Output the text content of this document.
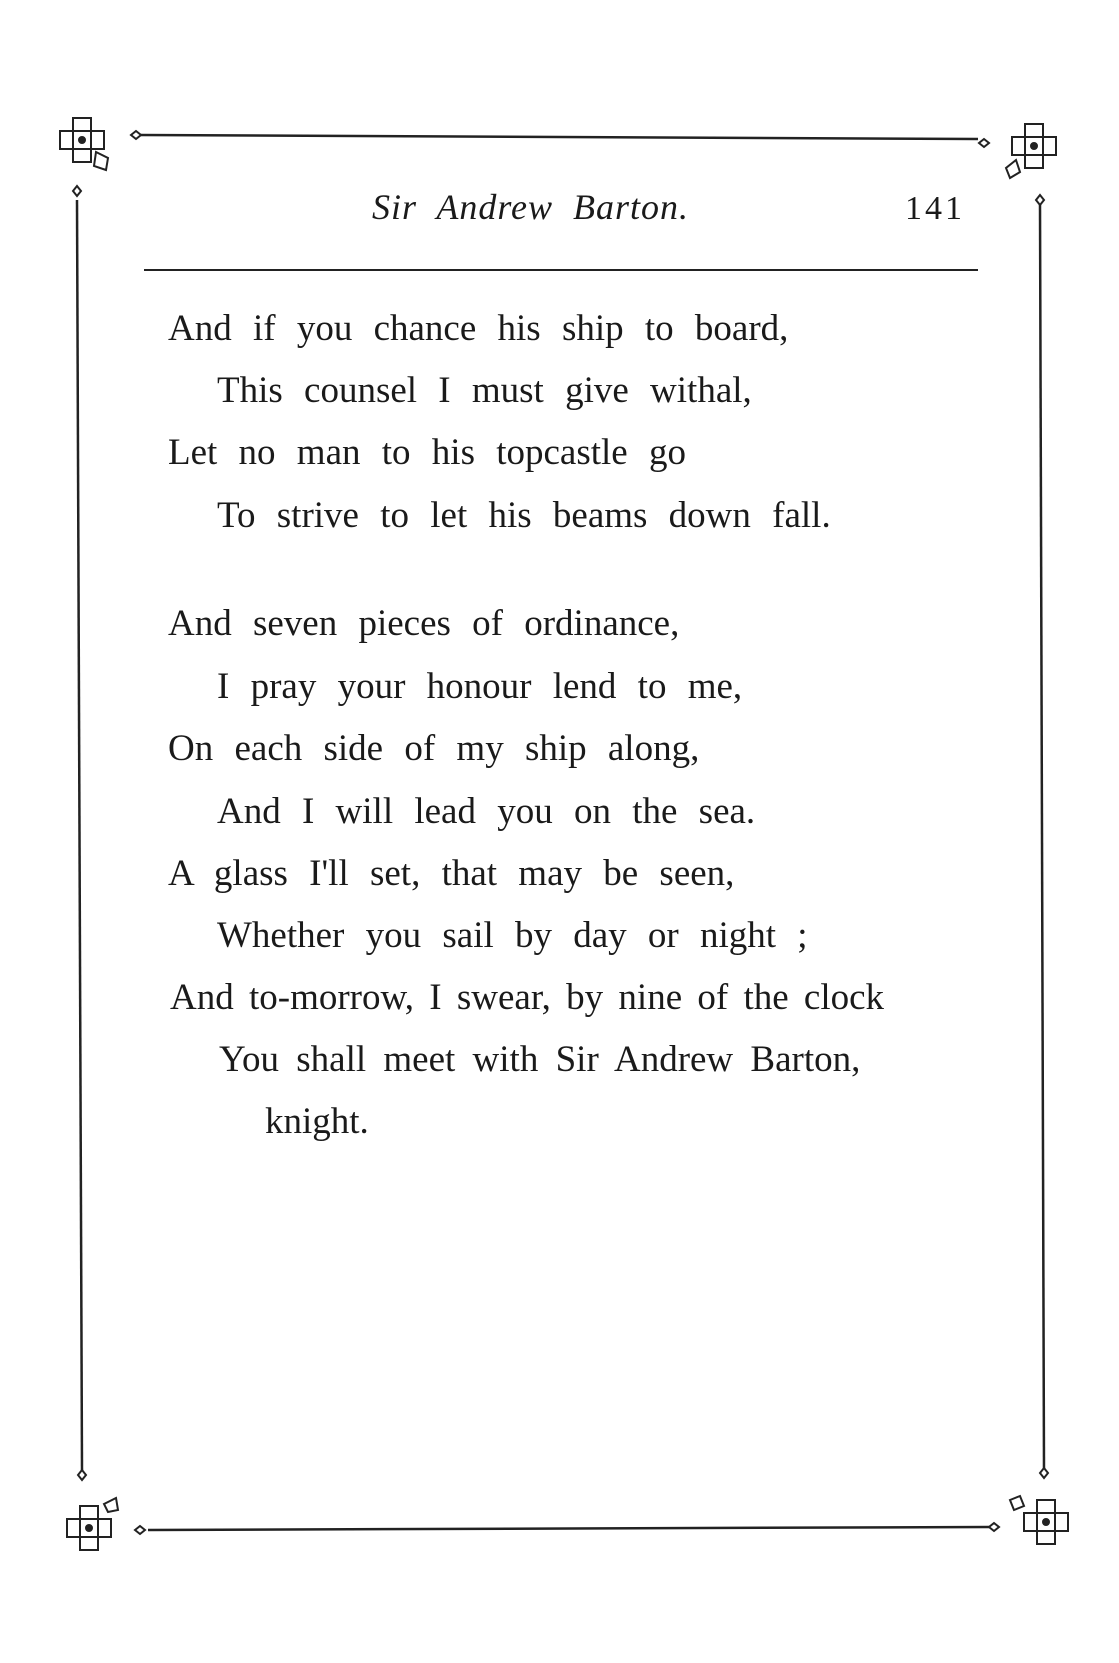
Sir Andrew Barton.	141
And if you chance his ship to board,
This counsel I must give withal,
Let no man to his topcastle go
To strive to let his beams down fall.
And seven pieces of ordinance,
I pray your honour lend to me,
On each side of my ship along,
And I will lead you on the sea.
A glass I'll set, that may be seen,
Whether you sail by day or night ;
And to-morrow, I swear, by nine of the clock
You shall meet with Sir Andrew Barton,
knight.
